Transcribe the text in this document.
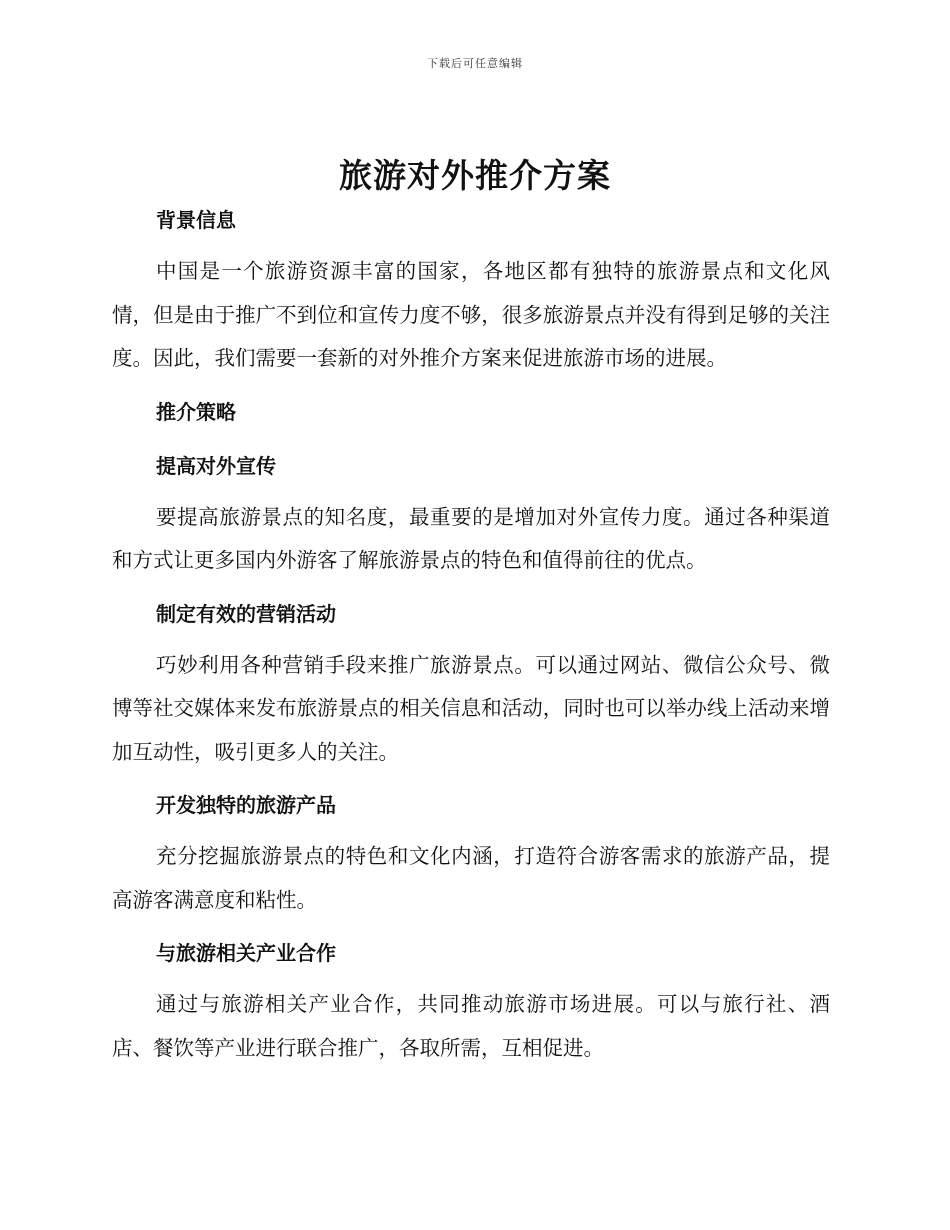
下载后可任意编辑
旅游对外推介方案
背景信息

中国是一个旅游资源丰富的国家，各地区都有独特的旅游景点和文化风情，但是由于推广不到位和宣传力度不够，很多旅游景点并没有得到足够的关注度。因此，我们需要一套新的对外推介方案来促进旅游市场的进展。

推介策略
提高对外宣传

要提高旅游景点的知名度，最重要的是增加对外宣传力度。通过各种渠道和方式让更多国内外游客了解旅游景点的特色和值得前往的优点。

制定有效的营销活动

巧妙利用各种营销手段来推广旅游景点。可以通过网站、微信公众号、微博等社交媒体来发布旅游景点的相关信息和活动，同时也可以举办线上活动来增加互动性，吸引更多人的关注。

开发独特的旅游产品

充分挖掘旅游景点的特色和文化内涵，打造符合游客需求的旅游产品，提高游客满意度和粘性。

与旅游相关产业合作

通过与旅游相关产业合作，共同推动旅游市场进展。可以与旅行社、酒店、餐饮等产业进行联合推广，各取所需，互相促进。
